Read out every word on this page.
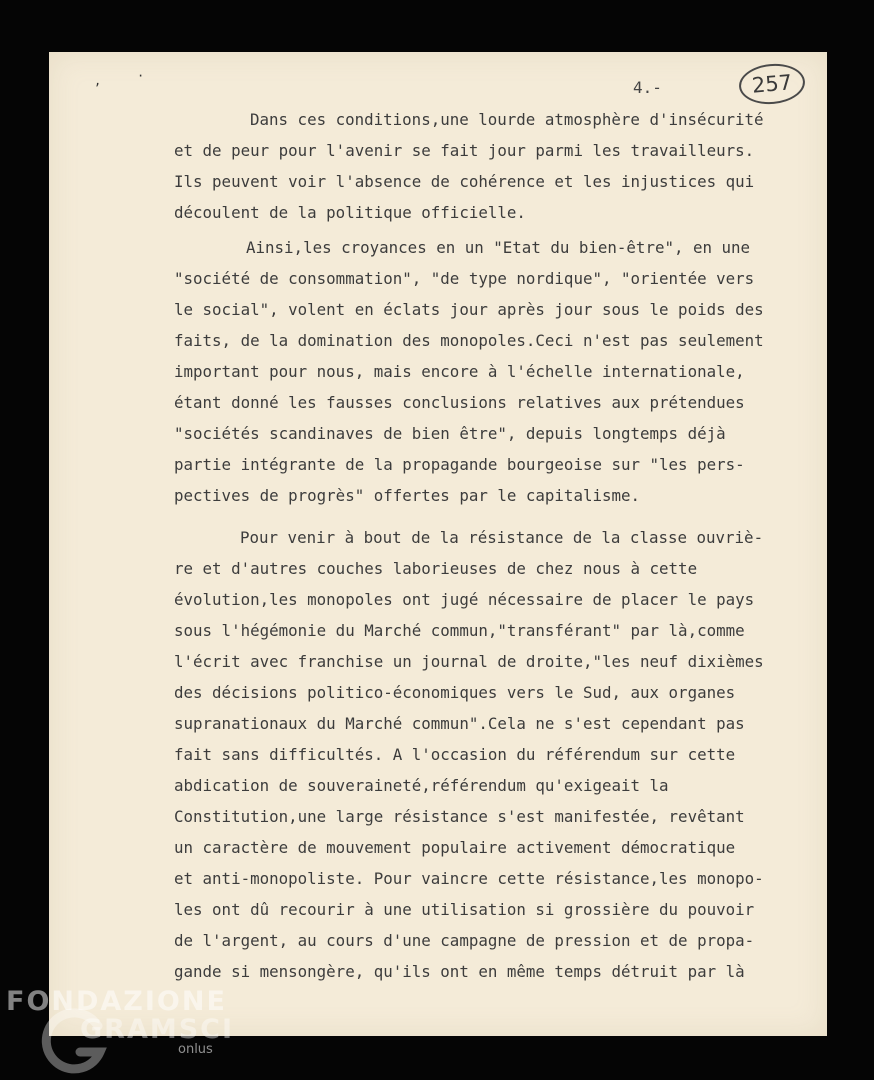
,	·
4.-	257
Dans ces conditions,une lourde atmosphère d'insécurité
et de peur pour l'avenir se fait jour parmi les travailleurs.
Ils peuvent voir l'absence de cohérence et les injustices qui
découlent de la politique officielle.
Ainsi,les croyances en un "Etat du bien-être", en une
"société de consommation", "de type nordique", "orientée vers
le social", volent en éclats jour après jour sous le poids des
faits, de la domination des monopoles.Ceci n'est pas seulement
important pour nous, mais encore à l'échelle internationale,
étant donné les fausses conclusions relatives aux prétendues
"sociétés scandinaves de bien être", depuis longtemps déjà
partie intégrante de la propagande bourgeoise sur "les pers-
pectives de progrès" offertes par le capitalisme.
Pour venir à bout de la résistance de la classe ouvriè-
re et d'autres couches laborieuses de chez nous à cette
évolution,les monopoles ont jugé nécessaire de placer le pays
sous l'hégémonie du Marché commun,"transférant" par là,comme
l'écrit avec franchise un journal de droite,"les neuf dixièmes
des décisions politico-économiques vers le Sud, aux organes
supranationaux du Marché commun".Cela ne s'est cependant pas
fait sans difficultés. A l'occasion du référendum sur cette
abdication de souveraineté,référendum qu'exigeait la
Constitution,une large résistance s'est manifestée, revêtant
un caractère de mouvement populaire activement démocratique
et anti-monopoliste. Pour vaincre cette résistance,les monopo-
les ont dû recourir à une utilisation si grossière du pouvoir
de l'argent, au cours d'une campagne de pression et de propa-
gande si mensongère, qu'ils ont en même temps détruit par là
FONDAZIONE
GRAMSCI
onlus
